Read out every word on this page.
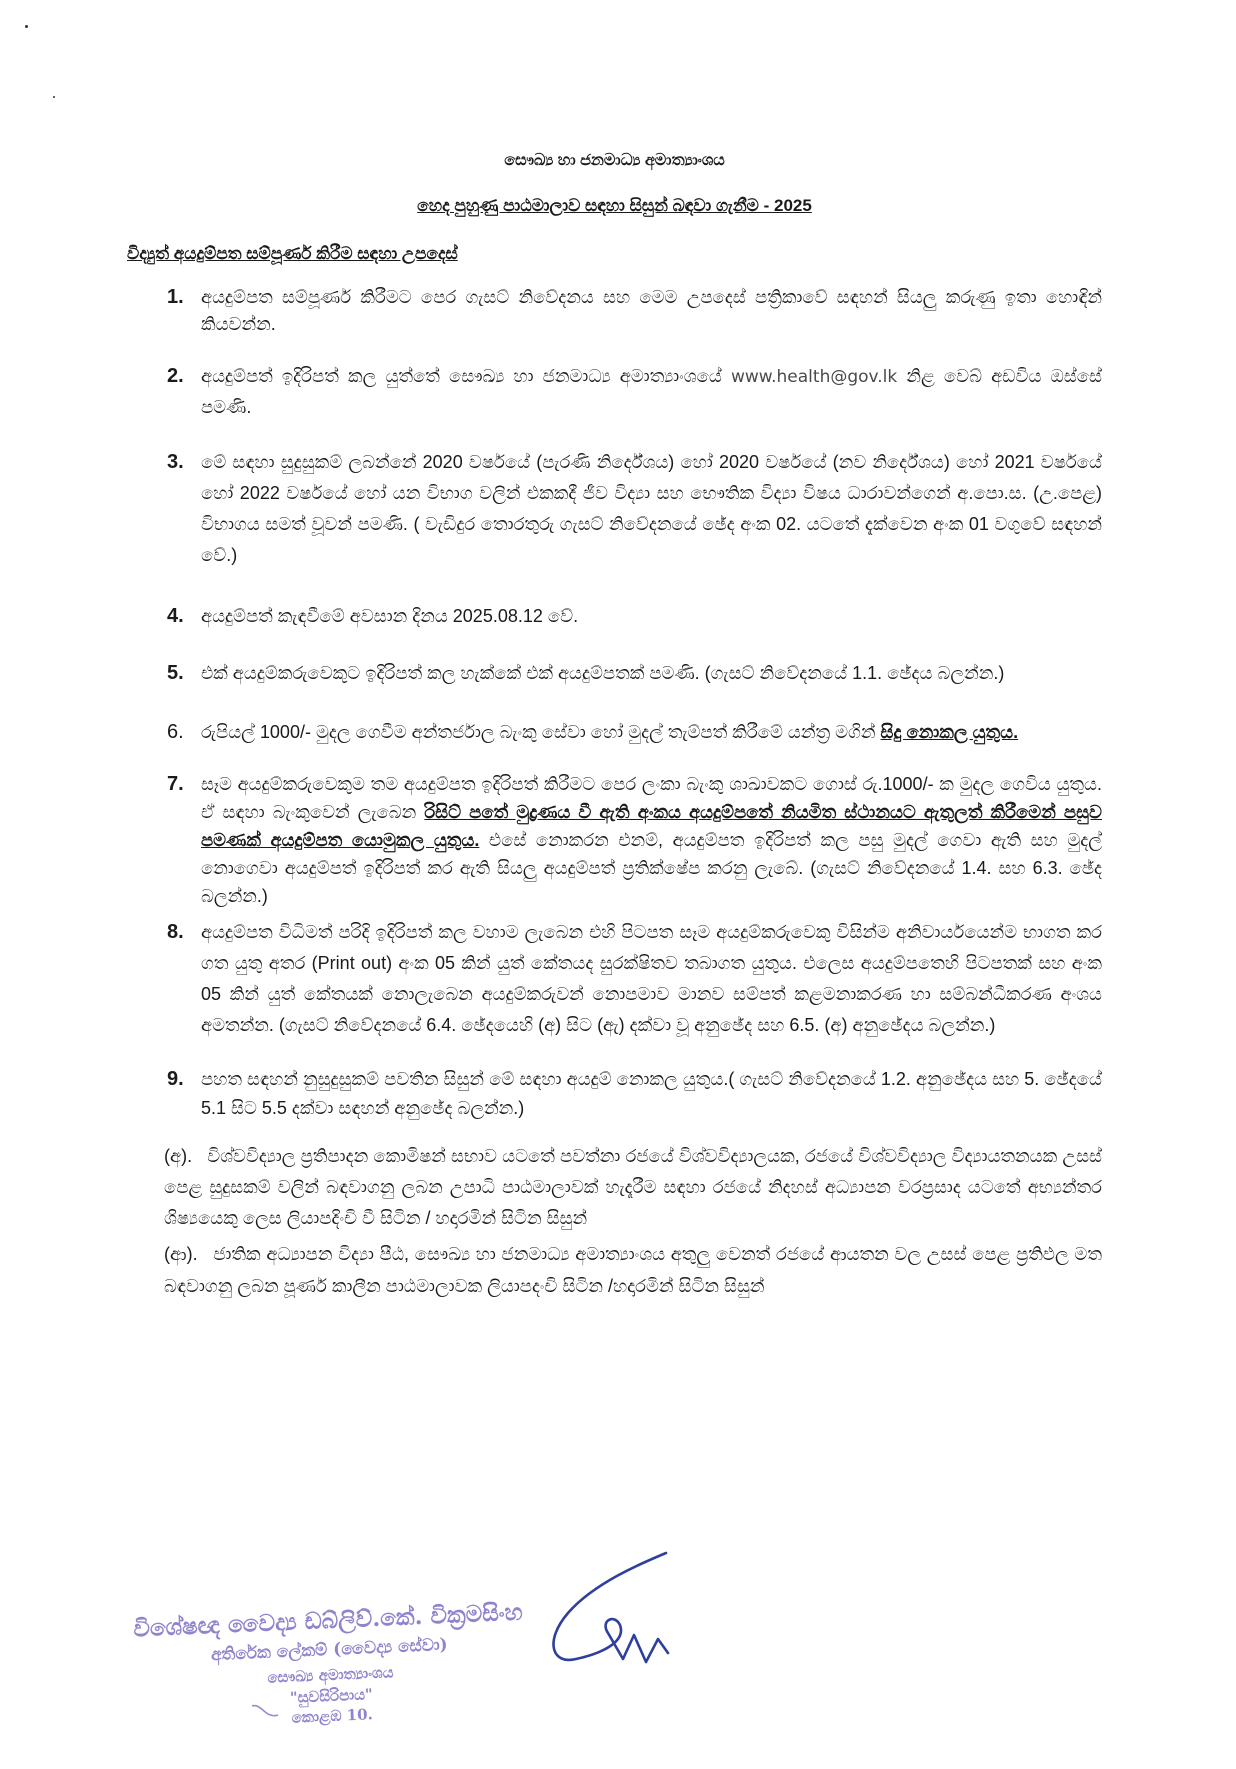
සෞඛ්‍ය හා ජනමාධ්‍ය අමාත්‍යාංශය
හෙද පුහුණු පාඨමාලාව සඳහා සිසුන් බඳවා ගැනීම - 2025
විද්‍යුත් අයදුම්පත සම්පූර්ණ කිරීම සඳහා උපදෙස්
1. අයදුම්පත සම්පූර්ණ කිරීමට පෙර ගැසට් නිවේදනය සහ මෙම උපදෙස් පත්‍රිකාවේ සඳහන් සියලු කරුණු ඉතා හොඳින් කියවන්න.
2. අයදුම්පත් ඉදිරිපත් කල යුත්තේ සෞඛ්‍ය හා ජනමාධ්‍ය අමාත්‍යාංශයේ www.health@gov.lk නිළ වෙබ් අඩවිය ඔස්සේ පමණි.
3. මේ සඳහා සුදුසුකම් ලබන්නේ 2020 වර්ෂයේ (පැරණි නිර්දේශය) හෝ 2020 වර්ෂයේ (නව නිර්දේශය) හෝ 2021 වර්ෂයේ හෝ 2022 වර්ෂයේ හෝ යන විභාග වලින් එකකදී ජීව විද්‍යා සහ භෞතික විද්‍යා විෂය ධාරාවන්ගෙන් අ.පො.ස. (උ.පෙළ) විභාගය සමත් වූවන් පමණි. ( වැඩිදුර තොරතුරු ගැසට් නිවේදනයේ ඡේද අංක 02. යටතේ දැක්වෙන අංක 01 වගුවේ සඳහන් වේ.)
4. අයදුම්පත් කැඳවීමේ අවසාන දිනය 2025.08.12 වේ.
5. එක් අයදුම්කරුවෙකුට ඉදිරිපත් කල හැක්කේ එක් අයදුම්පතක් පමණි. (ගැසට් නිවේදනයේ 1.1. ඡේදය බලන්න.)
6. රුපියල් 1000/- මුදල ගෙවීම අන්තර්ජාල බැංකු සේවා හෝ මුදල් තැම්පත් කිරීමේ යන්ත්‍ර මගින් සිදු නොකල යුතුය.
7. සෑම අයදුම්කරුවෙකුම තම අයදුම්පත ඉදිරිපත් කිරීමට පෙර ලංකා බැංකු ශාඛාවකට ගොස් රු.1000/- ක මුදල ගෙවිය යුතුය. ඒ සඳහා බැංකුවෙන් ලැබෙන රිසිට් පතේ මුද්‍රණය වී ඇති අංකය අයදුම්පතේ නියමිත ස්ථානයට ඇතුලත් කිරීමෙන් පසුව පමණක් අයදුම්පත යොමුකල යුතුය. එසේ නොකරන එනම්, අයදුම්පත ඉදිරිපත් කල පසු මුදල් ගෙවා ඇති සහ මුදල් නොගෙවා අයදුම්පත් ඉදිරිපත් කර ඇති සියලු අයදුම්පත් ප්‍රතික්ෂේප කරනු ලැබේ. (ගැසට් නිවේදනයේ 1.4. සහ 6.3. ඡේද බලන්න.)
8. අයදුම්පත විධිමත් පරිදි ඉදිරිපත් කල වහාම ලැබෙන එහි පිටපත සෑම අයදුම්කරුවෙකු විසින්ම අනිවාර්යයෙන්ම භාගත කර ගත යුතු අතර (Print out) අංක 05 කින් යුත් කේතයද සුරක්ෂිතව තබාගත යුතුය. එලෙස අයදුම්පතෙහි පිටපතක් සහ අංක 05 කින් යුත් කේතයක් නොලැබෙන අයදුම්කරුවන් නොපමාව මානව සම්පත් කළමනාකරණ හා සම්බන්ධීකරණ අංශය අමතන්න. (ගැසට් නිවේදනයේ 6.4. ඡේදයෙහි (අ) සිට (ඇ) දක්වා වූ අනුඡේද සහ 6.5. (අ) අනුඡේදය බලන්න.)
9. පහත සඳහන් නුසුදුසුකම් පවතින සිසුන් මේ සඳහා අයදුම් නොකල යුතුය.( ගැසට් නිවේදනයේ 1.2. අනුඡේදය සහ 5. ඡේදයේ 5.1 සිට 5.5 දක්වා සඳහන් අනුඡේද බලන්න.)
(අ). විශ්වවිද්‍යාල ප්‍රතිපාදන කොමිෂන් සභාව යටතේ පවත්නා රජයේ විශ්වවිද්‍යාලයක, රජයේ විශ්වවිද්‍යාල විද්‍යායතනයක උසස් පෙළ සුදුසකම් වලින් බඳවාගනු ලබන උපාධි පාඨමාලාවක් හැදෑරීම සඳහා රජයේ නිදහස් අධ්‍යාපන වරප්‍රසාද යටතේ අභ්‍යන්තර ශිෂ්‍යයෙකු ලෙස ලියාපදිංචි වී සිටින / හදාරමින් සිටින සිසුන්
(ආ). ජාතික අධ්‍යාපන විද්‍යා පීඨ, සෞඛ්‍ය හා ජනමාධ්‍ය අමාත්‍යාංශය අතුලු වෙනත් රජයේ ආයතන වල උසස් පෙළ ප්‍රතිඵල මත බඳවාගනු ලබන පූර්ණ කාලීන පාඨමාලාවක ලියාපදංචි සිටින /හදාරමින් සිටින සිසුන්
විශේෂඥ වෛද්‍ය ඩබ්ලිව්.කේ. වික්‍රමසිංහ
අතිරේක ලේකම් (වෛද්‍ය සේවා)
සෞඛ්‍ය අමාත්‍යාංශය
"සුවසිරිපාය"
කොළඹ 10.
